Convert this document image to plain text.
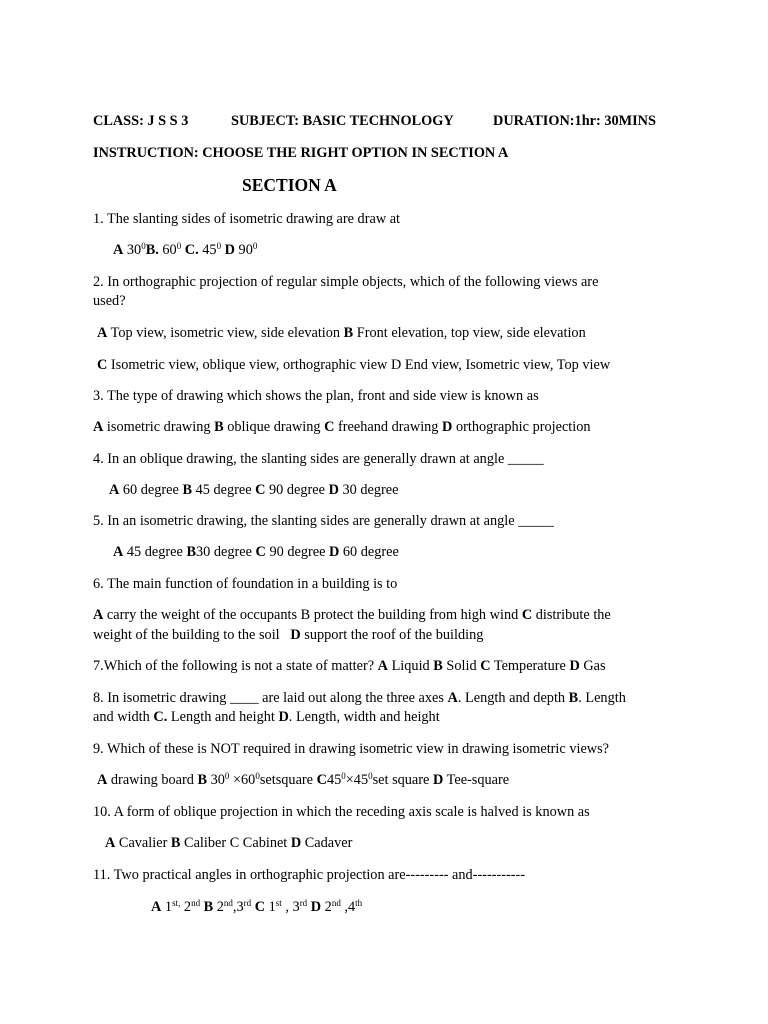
CLASS: J S S 3	SUBJECT: BASIC TECHNOLOGY	DURATION:1hr: 30MINS
INSTRUCTION: CHOOSE THE RIGHT OPTION IN SECTION A
SECTION A
1. The slanting sides of isometric drawing are draw at
A $30^0B$. $60^0$ C. $45^0$ D $90^0$
2. In orthographic projection of regular simple objects, which of the following views are
used?
A Top view, isometric view, side elevation B Front elevation, top view, side elevation
C Isometric view, oblique view, orthographic view D End view, Isometric view, Top view
3. The type of drawing which shows the plan, front and side view is known as
A isometric drawing B oblique drawing C freehand drawing D orthographic projection
4. In an oblique drawing, the slanting sides are generally drawn at angle _____
A 60 degree B 45 degree C 90 degree D 30 degree
5. In an isometric drawing, the slanting sides are generally drawn at angle _____
A 45 degree B30 degree C 90 degree D 60 degree
6. The main function of foundation in a building is to
A carry the weight of the occupants B protect the building from high wind C distribute the
weight of the building to the soil D support the roof of the building
7.Which of the following is not a state of matter? A Liquid B Solid C Temperature D Gas
8. In isometric drawing ____ are laid out along the three axes A. Length and depth B. Length
and width C. Length and height D. Length, width and height
9. Which of these is NOT required in drawing isometric view in drawing isometric views?
A drawing board B $30^0$ $\times 60^0setsquare$ $C45^0\times 45^0set$ square D Tee-square
10. A form of oblique projection in which the receding axis scale is halved is known as
A Cavalier B Caliber C Cabinet D Cadaver
11. Two practical angles in orthographic projection are--------- and-----------
A $1^{st,}$ 2nd B 2nd,3rd C 1st , 3rd D 2nd ,4th
